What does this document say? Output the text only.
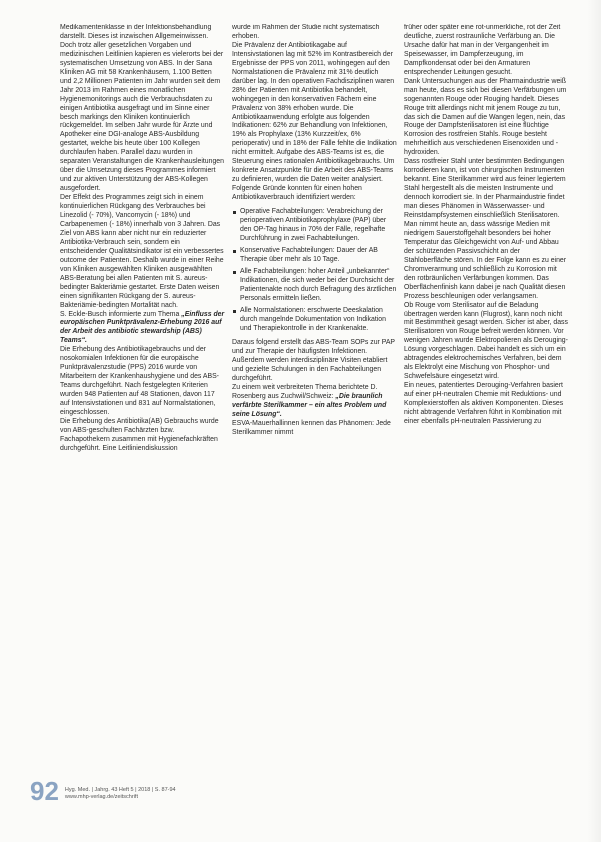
Medikamentenklasse in der Infektionsbehandlung darstellt. Dieses ist inzwischen Allgemeinwissen.

Doch trotz aller gesetzlichen Vorgaben und medizinischen Leitlinien kapieren es vielerorts bei der systematischen Umsetzung von ABS. In der Sana Kliniken AG mit 58 Krankenhäusern, 1.100 Betten und 2,2 Millionen Patienten im Jahr wurden seit dem Jahr 2013 im Rahmen eines monatlichen Hygienemonitorings auch die Verbrauchsdaten zu einigen Antibiotika ausgefragt und im Sinne einer besch markings den Kliniken kontinuierlich rückgemeldet. Im selben Jahr wurde für Ärzte und Apotheker eine DGI-analoge ABS-Ausbildung gestartet, welche bis heute über 100 Kollegen durchlaufen haben. Parallel dazu wurden in separaten Veranstaltungen die Krankenhausleitungen über die Umsetzung dieses Programmes informiert und zur aktiven Unterstützung der ABS-Kollegen ausgefordert.

Der Effekt des Programmes zeigt sich in einem kontinuierlichen Rückgang des Verbrauches bei Linezolid (- 70%), Vancomycin (- 18%) und Carbapenemen (- 18%) innerhalb von 3 Jahren. Das Ziel von ABS kann aber nicht nur ein reduzierter Antibiotika-Verbrauch sein, sondern ein entscheidender Qualitätsindikator ist ein verbessertes outcome der Patienten. Deshalb wurde in einer Reihe von Kliniken ausgewählten Kliniken ausgewählten ABS-Beratung bei allen Patienten mit S. aureus-bedingter Bakteriämie gestartet. Erste Daten weisen einen signifikanten Rückgang der S. aureus-Bakteriämie-bedingten Mortalität nach.

S. Eckle-Busch informierte zum Thema „Einfluss der europäischen Punktprävalenz-Erhebung 2016 auf der Arbeit des antibiotic stewardship (ABS) Teams“.

Die Erhebung des Antibiotikagebrauchs und der nosokomialen Infektionen für die europäische Punktprävalenzstudie (PPS) 2016 wurde von Mitarbeitern der Krankenhaushygiene und des ABS-Teams durchgeführt. Nach festgelegten Kriterien wurden 948 Patienten auf 48 Stationen, davon 117 auf Intensivstationen und 831 auf Normalstationen, eingeschlossen.

Die Erhebung des Antibiotika(AB) Gebrauchs wurde von ABS-geschulten Fachärzten bzw. Fachapothekern zusammen mit Hygienefachkräften durchgeführt. Eine Leitliniendiskussion

wurde im Rahmen der Studie nicht systematisch erhoben.

Die Prävalenz der Antibiotikagabe auf Intensivstationen lag mit 52% im Kontrastbereich der Ergebnisse der PPS von 2011, wohingegen auf den Normalstationen die Prävalenz mit 31% deutlich darüber lag. In den operativen Fachdisziplinen waren 28% der Patienten mit Antibiotika behandelt, wohingegen in den konservativen Fächern eine Prävalenz von 38% erhoben wurde. Die Antibiotikaanwendung erfolgte aus folgenden Indikationen: 62% zur Behandlung von Infektionen, 19% als Prophylaxe (13% Kurzzeit/ex, 6% perioperativ) und in 18% der Fälle fehlte die Indikation nicht ermittelt. Aufgabe des ABS-Teams ist es, die Steuerung eines rationalen Antibiotikagebrauchs. Um konkrete Ansatzpunkte für die Arbeit des ABS-Teams zu definieren, wurden die Daten weiter analysiert. Folgende Gründe konnten für einen hohen Antibiotikaverbrauch identifiziert werden:

Operative Fachabteilungen: Verabreichung der perioperativen Antibiotikaprophylaxe (PAP) über den OP-Tag hinaus in 70% der Fälle, regelhafte Durchführung in zwei Fachabteilungen.
Konservative Fachabteilungen: Dauer der AB Therapie über mehr als 10 Tage.
Alle Fachabteilungen: hoher Anteil „unbekannter“ Indikationen, die sich weder bei der Durchsicht der Patientenakte noch durch Befragung des ärztlichen Personals ermitteln ließen.
Alle Normalstationen: erschwerte Deeskalation durch mangelnde Dokumentation von Indikation und Therapiekontrolle in der Krankenakte.

Daraus folgend erstellt das ABS-Team SOPs zur PAP und zur Therapie der häufigsten Infektionen. Außerdem werden interdisziplinäre Visiten etabliert und gezielte Schulungen in den Fachabteilungen durchgeführt.

Zu einem weit verbreiteten Thema berichtete D. Rosenberg aus Zuchwil/Schweiz: „Die braunlich verfärbte Sterilkammer – ein altes Problem und seine Lösung“.

ESVA-Mauerhallinnen kennen das Phänomen: Jede Sterilkammer nimmt

früher oder später eine rot-unmerkliche, rot der Zeit deutliche, zuerst rostraunliche Verfärbung an. Die Ursache dafür hat man in der Vergangenheit im Speisewasser, im Dampferzeugung, im Dampfkondensat oder bei den Armaturen entsprechender Leitungen gesucht.

Dank Untersuchungen aus der Pharmaindustrie weiß man heute, dass es sich bei diesen Verfärbungen um sogenannten Rouge oder Rouging handelt. Dieses Rouge tritt allerdings nicht mit jenem Rouge zu tun, das sich die Damen auf die Wangen legen, nein, das Rouge der Dampfsterilisatoren ist eine flüchtige Korrosion des rostfreien Stahls. Rouge besteht mehrheitlich aus verschiedenen Eisenoxiden und -hydroxiden.

Dass rostfreier Stahl unter bestimmten Bedingungen korrodieren kann, ist von chirurgischen Instrumenten bekannt. Eine Sterilkammer wird aus feiner legiertem Stahl hergestellt als die meisten Instrumente und dennoch korrodiert sie. In der Pharmaindustrie findet man dieses Phänomen in Wässerwasser- und Reinstdampfsystemen einschließlich Sterilisatoren. Man nimmt heute an, dass wässrige Medien mit niedrigem Sauerstoffgehalt besonders bei hoher Temperatur das Gleichgewicht von Auf- und Abbau der schützenden Passivschicht an der Stahloberfläche stören. In der Folge kann es zu einer Chromverarmung und schließlich zu Korrosion mit den rotbräunlichen Verfärbungen kommen. Das Oberflächenfinish kann dabei je nach Qualität diesen Prozess beschleunigen oder verlangsamen.

Ob Rouge vom Sterilisator auf die Beladung übertragen werden kann (Flugrost), kann noch nicht mit Bestimmtheit gesagt werden. Sicher ist aber, dass Sterilisatoren von Rouge befreit werden können. Vor wenigen Jahren wurde Elektropolieren als Derouging-Lösung vorgeschlagen. Dabei handelt es sich um ein abtragendes elektrochemisches Verfahren, bei dem als Elektrolyt eine Mischung von Phosphor- und Schwefelsäure eingesetzt wird.

Ein neues, patentiertes Derouging-Verfahren basiert auf einer pH-neutralen Chemie mit Reduktions- und Komplexierstoffen als aktiven Komponenten. Dieses nicht abtragende Verfahren führt in Kombination mit einer ebenfalls pH-neutralen Passivierung zu

92 Hyg. Med. | Jahrg. 43 Heft 5 | 2018 | S. 87-94
www.mhp-verlag.de/zeitschrift
